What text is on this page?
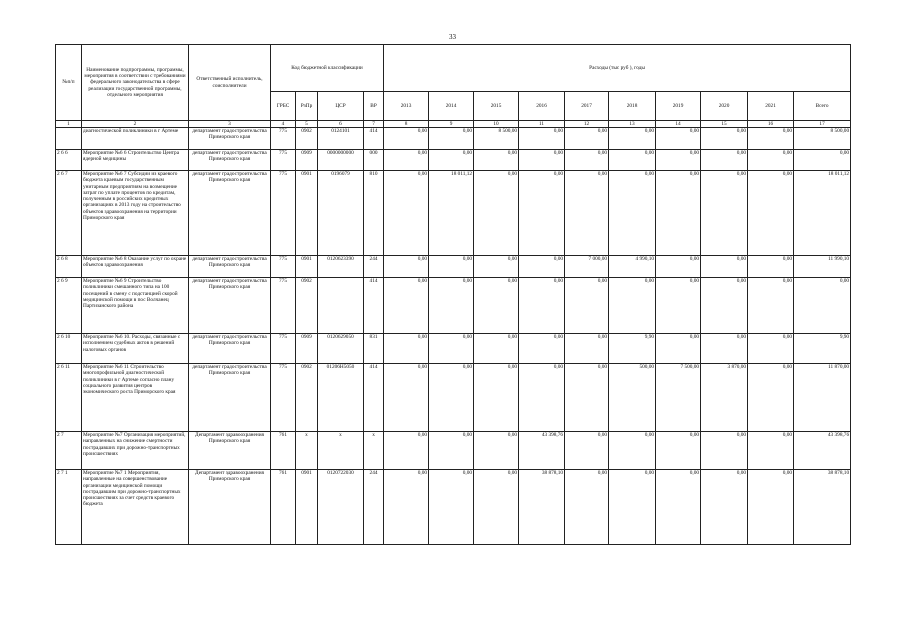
33
№п/п	Наименование подпрограммы, программы, мероприятия в соответствии с требованиями федерального законодательства в сфере реализации государственной программы, отдельного мероприятия	Ответственный исполнитель, соисполнители	Код бюджетной классификации				Расходы (тыс руб ), годы									
			ГРБС	РзПр	ЦСР	ВР	2013	2014	2015	2016	2017	2018	2019	2020	2021	Всего
1	2	3	4	5	6	7	8	9	10	11	12	13	14	15	16	17
	диагностической поликлиники в г Артеме	департамент градостроительства Приморского края	775	0902	0124101	414	0,00	0,00	8 500,00	0,00	0,00	0,00	0,00	0,00	0,00	8 500,00
2 6 6	Мероприятие №6 6 Строительство Центра ядерной медицины	департамент градостроительства Приморского края	775	0909	0000000000	000	0,00	0,00	0,00	0,00	0,00	0,00	0,00	0,00	0,00	0,00
2 6 7	Мероприятие №6 7 Субсидии из краевого бюджета краевым государственным унитарным предприятиям на возмещение затрат по уплате процентов по кредитам, полученным в российских кредитных организациях в 2013 году на строительство объектов здравоохранения на территории Приморского края	департамент градостроительства Приморского края	775	0901	0196079	810	0,00	18 011,12	0,00	0,00	0,00	0,00	0,00	0,00	0,00	18 011,12
2 6 8	Мероприятие №6 8 Оказание услуг по охране объектов здравоохранения	департамент градостроительства Приморского края	775	0901	0120623390	244	0,00	0,00	0,00	0,00	7 000,00	4 990,10	0,00	0,00	0,00	11 990,10
2 6 9	Мероприятие №6 9 Строительство поликлиники смешанного типа на 100 посещений в смену с подстанцией скорой медицинской помощи в пос Волчанец Партизанского района	департамент градостроительства Приморского края	775	0902		414	0,00	0,00	0,00	0,00	0,00	0,00	0,00	0,00	0,00	0,00
2 6 10	Мероприятие №6 10. Расходы, связанные с исполнением судебных актов в решений налоговых органов	департамент градостроительства Приморского края	775	0909	0120629050	831	0,00	0,00	0,00	0,00	0,00	9,90	0,00	0,00	0,00	9,90
2 6 11	Мероприятие №6 11 Строительство многопрофильной диагностической поликлиники в г Артеме согласно плану социального развития центров экономического роста Приморского края	департамент градостроительства Приморского края	775	0902	01206Н5050	414	0,00	0,00	0,00	0,00	0,00	500,00	7 500,00	3 870,00	0,00	11 870,00
2 7	Мероприятие №7 Организация мероприятий, направленных на снижение смертности пострадавших при дорожно-транспортных происшествиях	Департамент здравоохранения Приморского края	761	x	x	x	0,00	0,00	0,00	43 398,76	0,00	0,00	0,00	0,00	0,00	43 398,76
2 7 1	Мероприятие №7 1 Мероприятия, направленные на совершенствование организации медицинской помощи пострадавшим при дорожно-транспортных происшествиях за счет средств краевого бюджета	Департамент здравоохранения Приморского края	761	0901	0120722030	244	0,00	0,00	0,00	38 878,10	0,00	0,00	0,00	0,00	0,00	38 878,10
